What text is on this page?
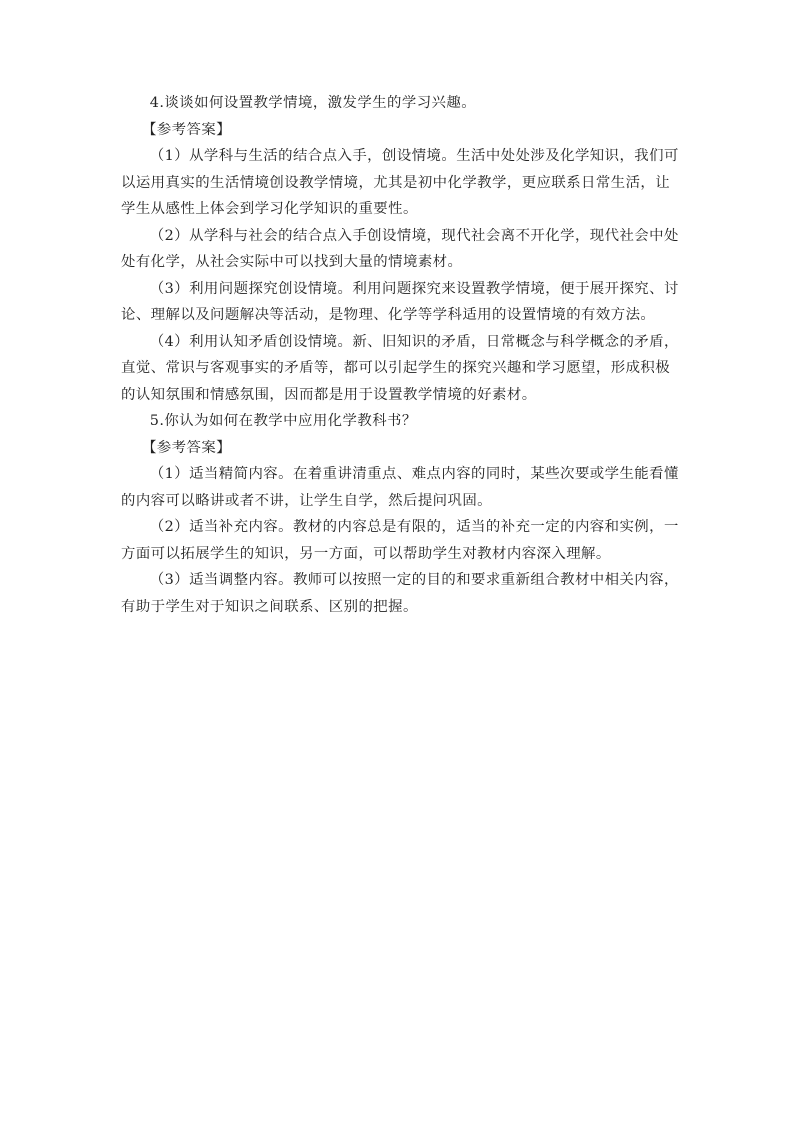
4.谈谈如何设置教学情境，激发学生的学习兴趣。

【参考答案】

（1）从学科与生活的结合点入手，创设情境。生活中处处涉及化学知识，我们可以运用真实的生活情境创设教学情境，尤其是初中化学教学，更应联系日常生活，让学生从感性上体会到学习化学知识的重要性。

（2）从学科与社会的结合点入手创设情境，现代社会离不开化学，现代社会中处处有化学，从社会实际中可以找到大量的情境素材。

（3）利用问题探究创设情境。利用问题探究来设置教学情境，便于展开探究、讨论、理解以及问题解决等活动，是物理、化学等学科适用的设置情境的有效方法。

（4）利用认知矛盾创设情境。新、旧知识的矛盾，日常概念与科学概念的矛盾，直觉、常识与客观事实的矛盾等，都可以引起学生的探究兴趣和学习愿望，形成积极的认知氛围和情感氛围，因而都是用于设置教学情境的好素材。

5.你认为如何在教学中应用化学教科书？

【参考答案】

（1）适当精简内容。在着重讲清重点、难点内容的同时，某些次要或学生能看懂的内容可以略讲或者不讲，让学生自学，然后提问巩固。

（2）适当补充内容。教材的内容总是有限的，适当的补充一定的内容和实例，一方面可以拓展学生的知识，另一方面，可以帮助学生对教材内容深入理解。

（3）适当调整内容。教师可以按照一定的目的和要求重新组合教材中相关内容，有助于学生对于知识之间联系、区别的把握。
